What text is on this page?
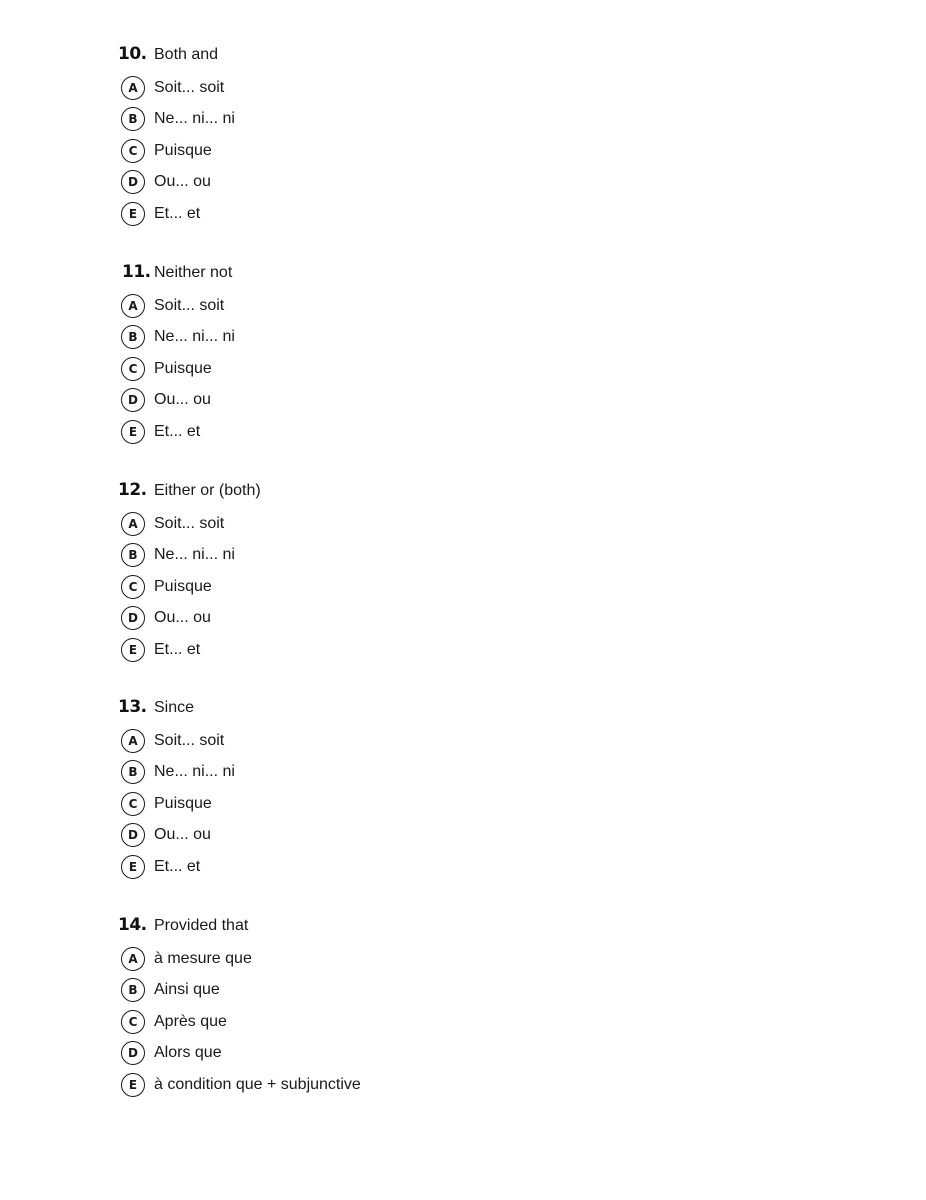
10. Both and
A	Soit... soit
B	Ne... ni... ni
C	Puisque
D	Ou... ou
E	Et... et
11. Neither not
A	Soit... soit
B	Ne... ni... ni
C	Puisque
D	Ou... ou
E	Et... et
12. Either or (both)
A	Soit... soit
B	Ne... ni... ni
C	Puisque
D	Ou... ou
E	Et... et
13. Since
A	Soit... soit
B	Ne... ni... ni
C	Puisque
D	Ou... ou
E	Et... et
14. Provided that
A	à mesure que
B	Ainsi que
C	Après que
D	Alors que
E	à condition que + subjunctive
